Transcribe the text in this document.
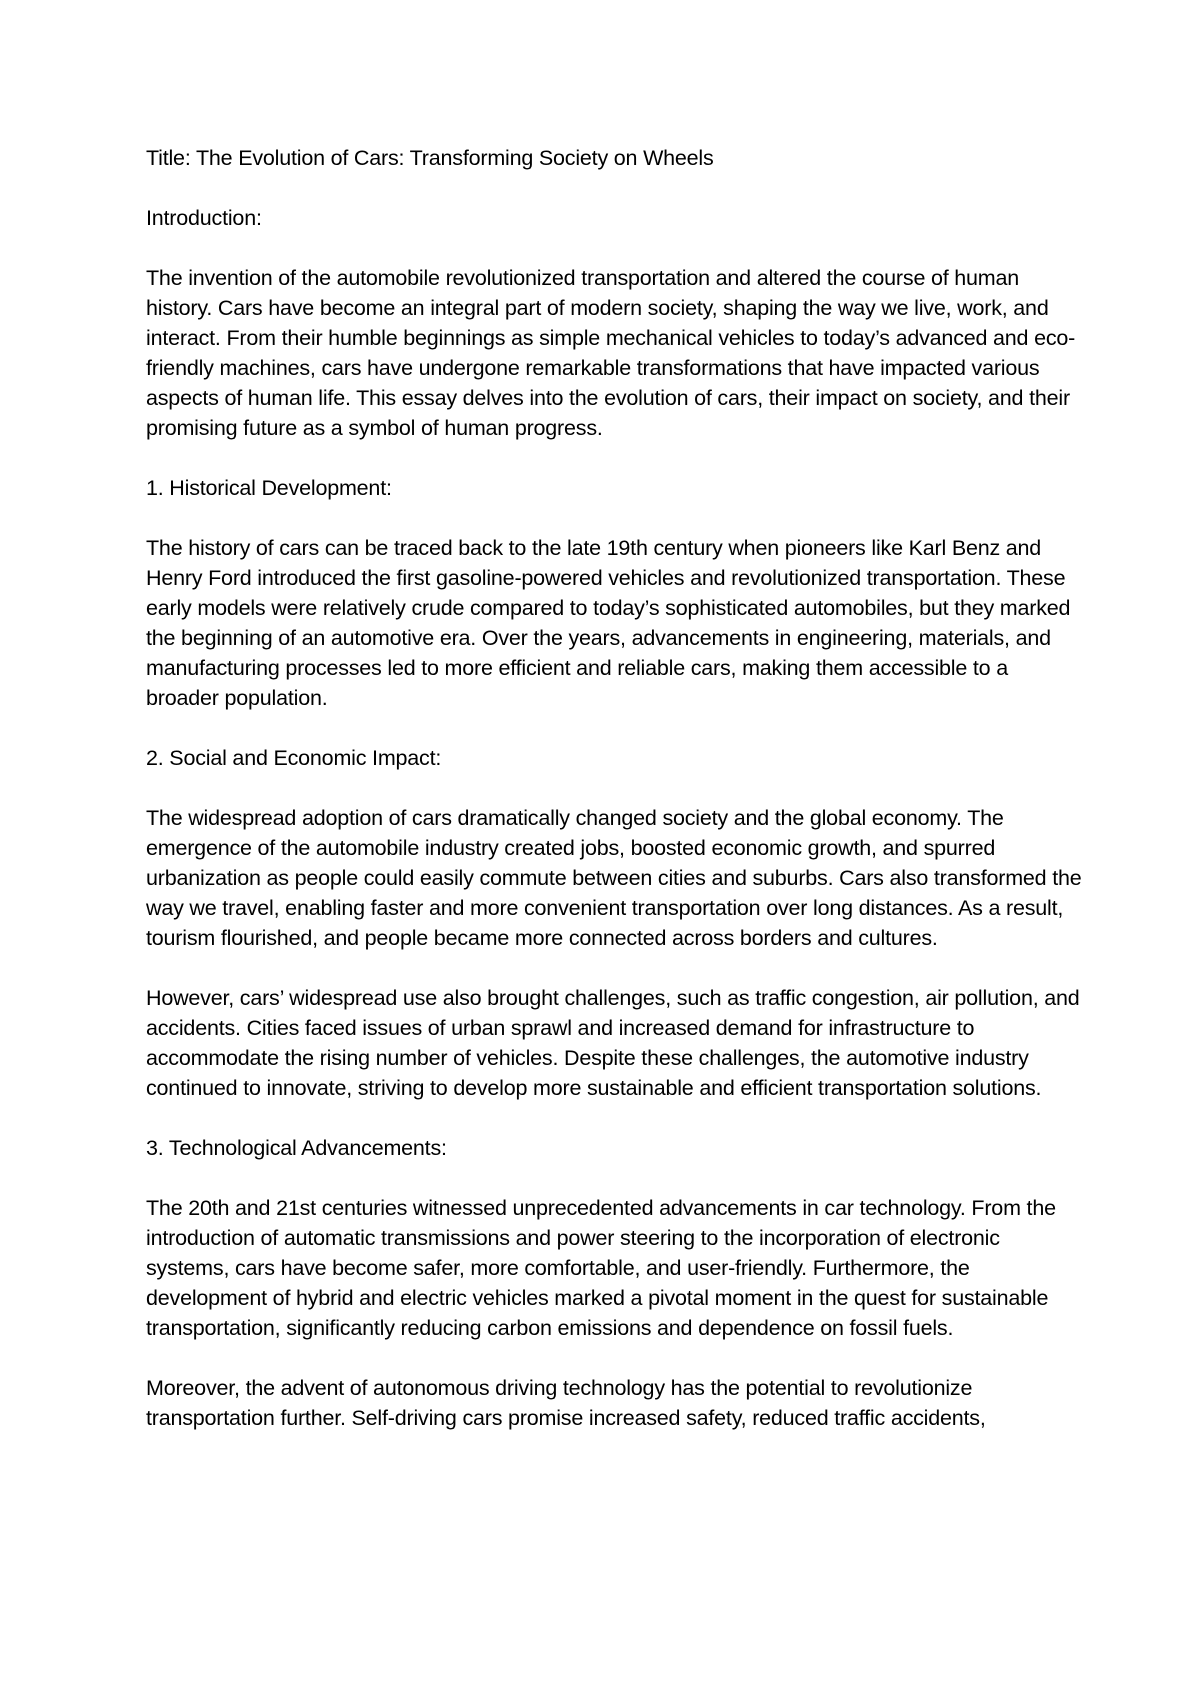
Title: The Evolution of Cars: Transforming Society on Wheels

Introduction:

The invention of the automobile revolutionized transportation and altered the course of human history. Cars have become an integral part of modern society, shaping the way we live, work, and interact. From their humble beginnings as simple mechanical vehicles to today’s advanced and eco-friendly machines, cars have undergone remarkable transformations that have impacted various aspects of human life. This essay delves into the evolution of cars, their impact on society, and their promising future as a symbol of human progress.

1. Historical Development:

The history of cars can be traced back to the late 19th century when pioneers like Karl Benz and Henry Ford introduced the first gasoline-powered vehicles and revolutionized transportation. These early models were relatively crude compared to today’s sophisticated automobiles, but they marked the beginning of an automotive era. Over the years, advancements in engineering, materials, and manufacturing processes led to more efficient and reliable cars, making them accessible to a broader population.

2. Social and Economic Impact:

The widespread adoption of cars dramatically changed society and the global economy. The emergence of the automobile industry created jobs, boosted economic growth, and spurred urbanization as people could easily commute between cities and suburbs. Cars also transformed the way we travel, enabling faster and more convenient transportation over long distances. As a result, tourism flourished, and people became more connected across borders and cultures.

However, cars’ widespread use also brought challenges, such as traffic congestion, air pollution, and accidents. Cities faced issues of urban sprawl and increased demand for infrastructure to accommodate the rising number of vehicles. Despite these challenges, the automotive industry continued to innovate, striving to develop more sustainable and efficient transportation solutions.

3. Technological Advancements:

The 20th and 21st centuries witnessed unprecedented advancements in car technology. From the introduction of automatic transmissions and power steering to the incorporation of electronic systems, cars have become safer, more comfortable, and user-friendly. Furthermore, the development of hybrid and electric vehicles marked a pivotal moment in the quest for sustainable transportation, significantly reducing carbon emissions and dependence on fossil fuels.

Moreover, the advent of autonomous driving technology has the potential to revolutionize transportation further. Self-driving cars promise increased safety, reduced traffic accidents,
